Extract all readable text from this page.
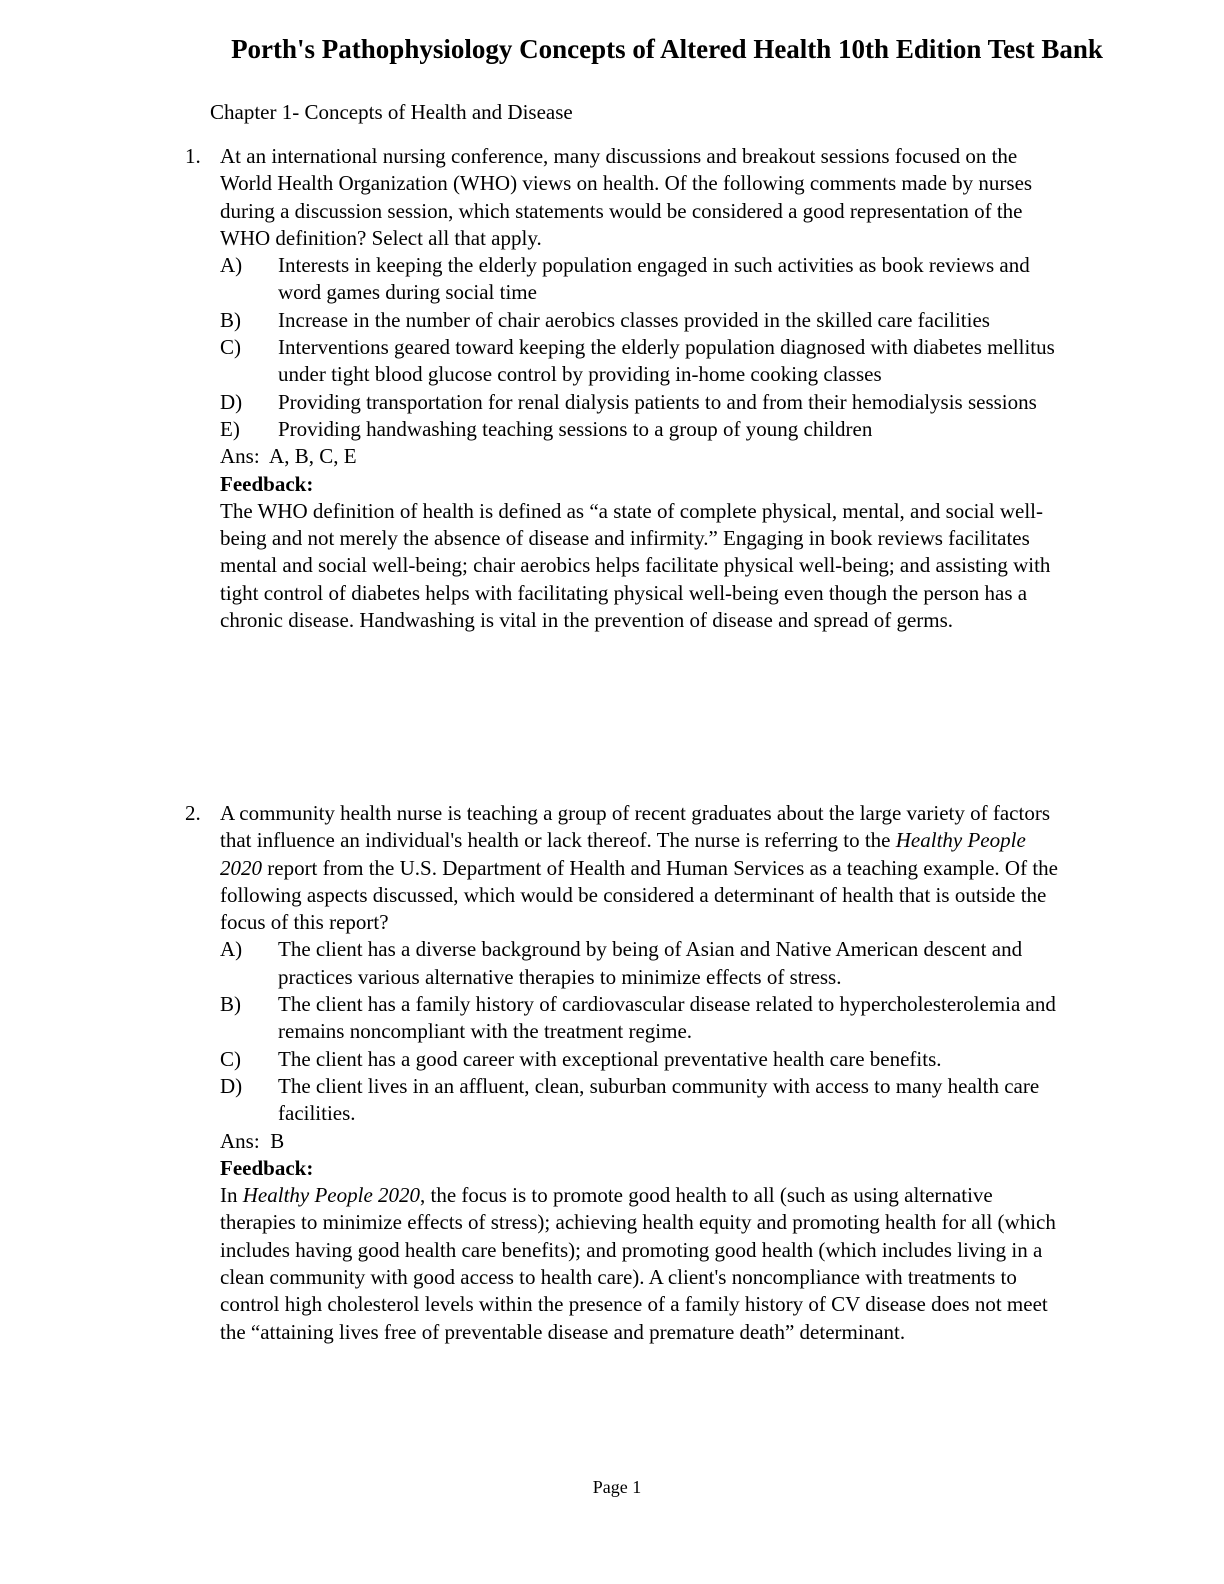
Porth's Pathophysiology Concepts of Altered Health 10th Edition Test Bank
Chapter 1- Concepts of Health and Disease
1. At an international nursing conference, many discussions and breakout sessions focused on the World Health Organization (WHO) views on health. Of the following comments made by nurses during a discussion session, which statements would be considered a good representation of the WHO definition? Select all that apply.
A)	Interests in keeping the elderly population engaged in such activities as book reviews and word games during social time
B)	Increase in the number of chair aerobics classes provided in the skilled care facilities
C)	Interventions geared toward keeping the elderly population diagnosed with diabetes mellitus under tight blood glucose control by providing in-home cooking classes
D)	Providing transportation for renal dialysis patients to and from their hemodialysis sessions
E)	Providing handwashing teaching sessions to a group of young children
Ans: A, B, C, E
Feedback:
The WHO definition of health is defined as “a state of complete physical, mental, and social well-being and not merely the absence of disease and infirmity.” Engaging in book reviews facilitates mental and social well-being; chair aerobics helps facilitate physical well-being; and assisting with tight control of diabetes helps with facilitating physical well-being even though the person has a chronic disease. Handwashing is vital in the prevention of disease and spread of germs.
2. A community health nurse is teaching a group of recent graduates about the large variety of factors that influence an individual's health or lack thereof. The nurse is referring to the Healthy People 2020 report from the U.S. Department of Health and Human Services as a teaching example. Of the following aspects discussed, which would be considered a determinant of health that is outside the focus of this report?
A)	The client has a diverse background by being of Asian and Native American descent and practices various alternative therapies to minimize effects of stress.
B)	The client has a family history of cardiovascular disease related to hypercholesterolemia and remains noncompliant with the treatment regime.
C)	The client has a good career with exceptional preventative health care benefits.
D)	The client lives in an affluent, clean, suburban community with access to many health care facilities.
Ans: B
Feedback:
In Healthy People 2020, the focus is to promote good health to all (such as using alternative therapies to minimize effects of stress); achieving health equity and promoting health for all (which includes having good health care benefits); and promoting good health (which includes living in a clean community with good access to health care). A client's noncompliance with treatments to control high cholesterol levels within the presence of a family history of CV disease does not meet the “attaining lives free of preventable disease and premature death” determinant.
Page 1
